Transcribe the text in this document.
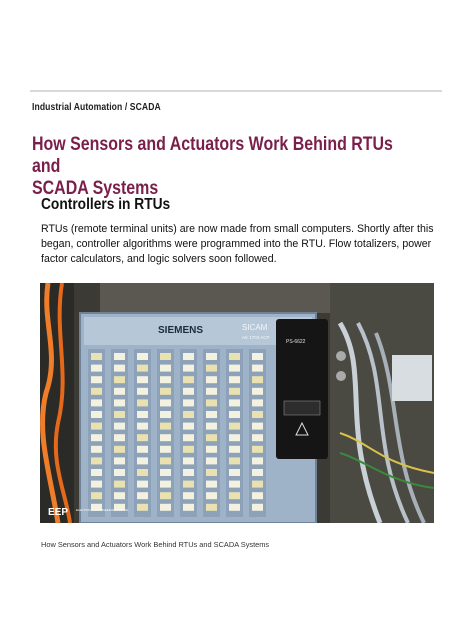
Industrial Automation / SCADA
How Sensors and Actuators Work Behind RTUs and
SCADA Systems
Controllers in RTUs
RTUs (remote terminal units) are now made from small computers. Shortly after this
began, controller algorithms were programmed into the RTU. Flow totalizers, power
factor calculators, and logic solvers soon followed.
SIEMENS	SICAM
AK 1703 ACP
PS-6622
EEP	ELECTRICAL ENGINEERING PORTAL
How Sensors and Actuators Work Behind RTUs and SCADA Systems
